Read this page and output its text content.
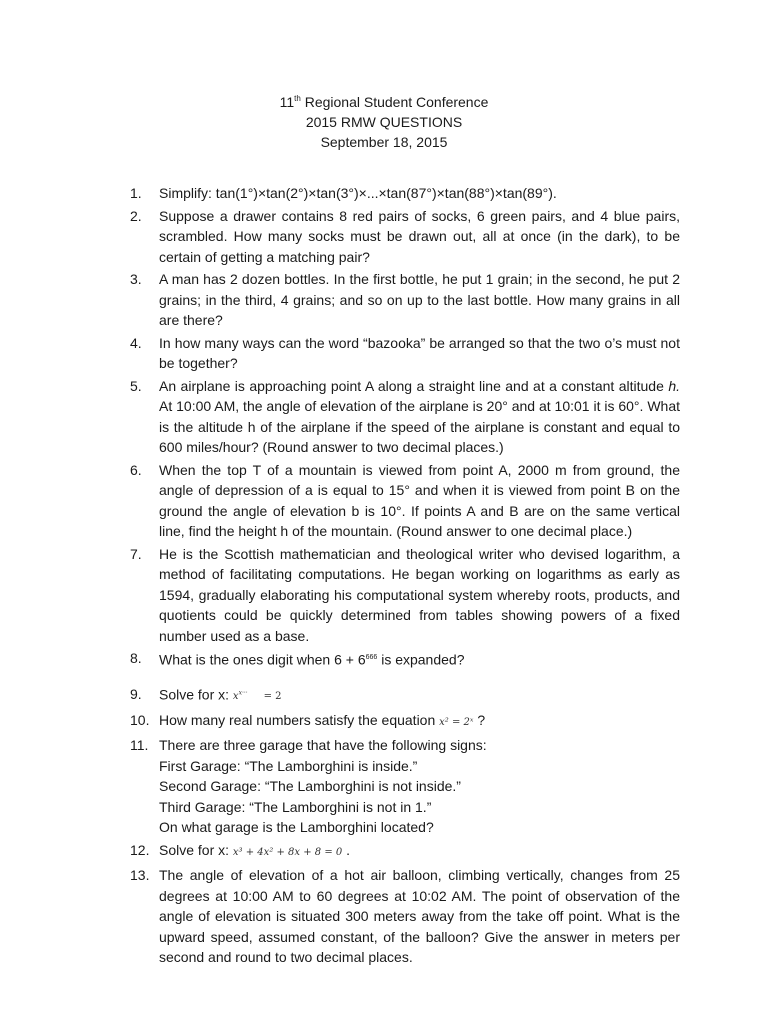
11th Regional Student Conference
2015 RMW QUESTIONS
September 18, 2015
1.	Simplify: tan(1°)×tan(2°)×tan(3°)×...×tan(87°)×tan(88°)×tan(89°).
2.	Suppose a drawer contains 8 red pairs of socks, 6 green pairs, and 4 blue pairs, scrambled. How many socks must be drawn out, all at once (in the dark), to be certain of getting a matching pair?
3.	A man has 2 dozen bottles. In the first bottle, he put 1 grain; in the second, he put 2 grains; in the third, 4 grains; and so on up to the last bottle. How many grains in all are there?
4.	In how many ways can the word “bazooka” be arranged so that the two o’s must not be together?
5.	An airplane is approaching point A along a straight line and at a constant altitude h. At 10:00 AM, the angle of elevation of the airplane is 20° and at 10:01 it is 60°. What is the altitude h of the airplane if the speed of the airplane is constant and equal to 600 miles/hour? (Round answer to two decimal places.)
6.	When the top T of a mountain is viewed from point A, 2000 m from ground, the angle of depression of a is equal to 15° and when it is viewed from point B on the ground the angle of elevation b is 10°. If points A and B are on the same vertical line, find the height h of the mountain. (Round answer to one decimal place.)
7.	He is the Scottish mathematician and theological writer who devised logarithm, a method of facilitating computations. He began working on logarithms as early as 1594, gradually elaborating his computational system whereby roots, products, and quotients could be quickly determined from tables showing powers of a fixed number used as a base.
8.	What is the ones digit when $6 + 6^{666}$ is expanded?
9.	Solve for x: $x^{x\cdot\cdot\cdot} = 2$
10. How many real numbers satisfy the equation x² = 2ˣ ?
11. There are three garage that have the following signs:
First Garage: “The Lamborghini is inside.”
Second Garage: “The Lamborghini is not inside.”
Third Garage: “The Lamborghini is not in 1.”
On what garage is the Lamborghini located?
12. Solve for x: x³ + 4x² + 8x + 8 = 0 .
13. The angle of elevation of a hot air balloon, climbing vertically, changes from 25 degrees at 10:00 AM to 60 degrees at 10:02 AM. The point of observation of the angle of elevation is situated 300 meters away from the take off point. What is the upward speed, assumed constant, of the balloon? Give the answer in meters per second and round to two decimal places.
